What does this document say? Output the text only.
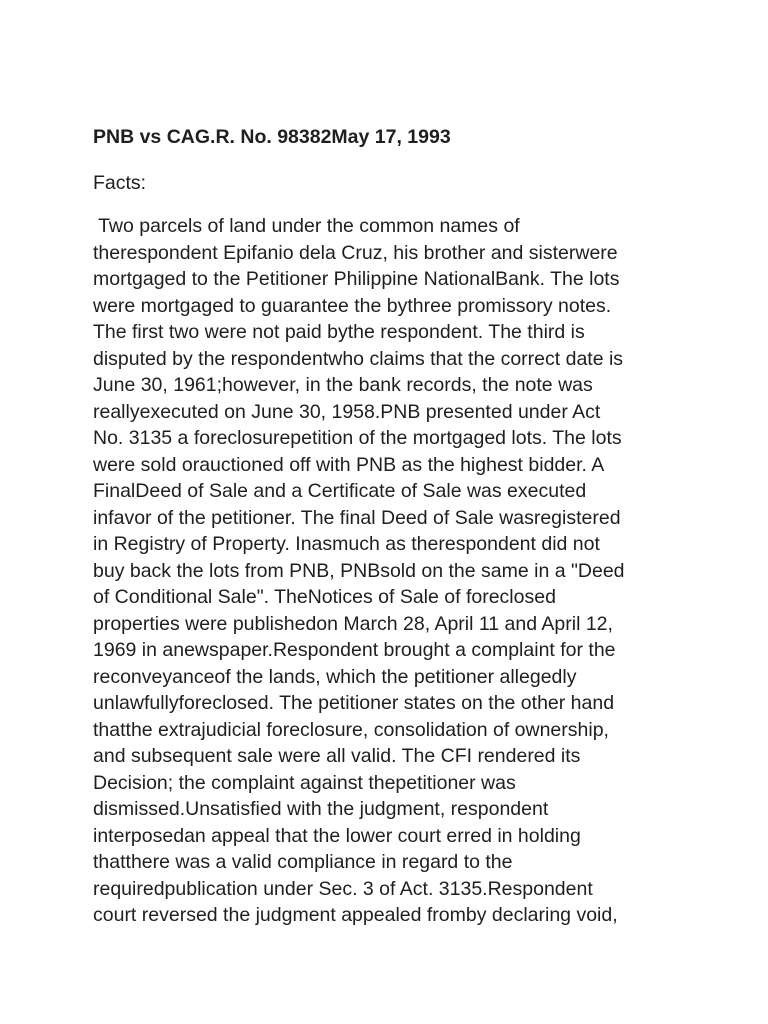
PNB vs CAG.R. No. 98382May 17, 1993

Facts:

Two parcels of land under the common names of
therespondent Epifanio dela Cruz, his brother and sisterwere
mortgaged to the Petitioner Philippine NationalBank. The lots
were mortgaged to guarantee the bythree promissory notes.
The first two were not paid bythe respondent. The third is
disputed by the respondentwho claims that the correct date is
June 30, 1961;however, in the bank records, the note was
reallyexecuted on June 30, 1958.PNB presented under Act
No. 3135 a foreclosurepetition of the mortgaged lots. The lots
were sold orauctioned off with PNB as the highest bidder. A
FinalDeed of Sale and a Certificate of Sale was executed
infavor of the petitioner. The final Deed of Sale wasregistered
in Registry of Property. Inasmuch as therespondent did not
buy back the lots from PNB, PNBsold on the same in a "Deed
of Conditional Sale". TheNotices of Sale of foreclosed
properties were publishedon March 28, April 11 and April 12,
1969 in anewspaper.Respondent brought a complaint for the
reconveyanceof the lands, which the petitioner allegedly
unlawfullyforeclosed. The petitioner states on the other hand
thatthe extrajudicial foreclosure, consolidation of ownership,
and subsequent sale were all valid. The CFI rendered its
Decision; the complaint against thepetitioner was
dismissed.Unsatisfied with the judgment, respondent
interposedan appeal that the lower court erred in holding
thatthere was a valid compliance in regard to the
requiredpublication under Sec. 3 of Act. 3135.Respondent
court reversed the judgment appealed fromby declaring void,
